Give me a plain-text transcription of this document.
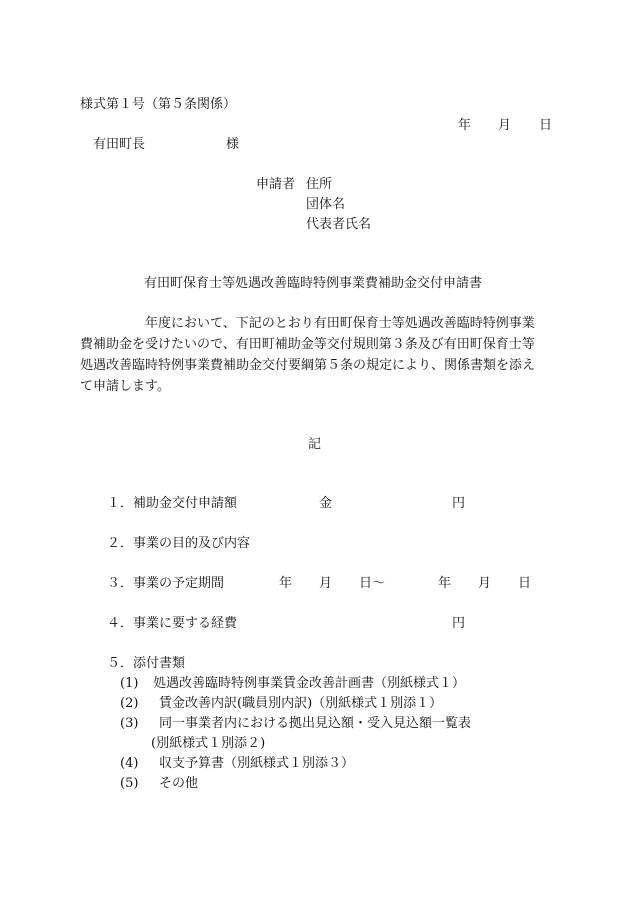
様式第１号（第５条関係）
年 月 日
有田町長	様
申請者 住所
団体名
代表者氏名
有田町保育士等処遇改善臨時特例事業費補助金交付申請書
　　　　　年度において、下記のとおり有田町保育士等処遇改善臨時特例事業
費補助金を受けたいので、有田町補助金等交付規則第３条及び有田町保育士等
処遇改善臨時特例事業費補助金交付要綱第５条の規定により、関係書類を添え
て申請します。
記
１． 補助金交付申請額	金	円
２． 事業の目的及び内容
３． 事業の予定期間	年 月 日～	年 月 日
４． 事業に要する経費	円
５． 添付書類
(1) 処遇改善臨時特例事業賃金改善計画書（別紙様式１）
(2) 賃金改善内訳(職員別内訳)（別紙様式１別添１）
(3) 同一事業者内における拠出見込額・受入見込額一覧表
(別紙様式１別添２)
(4) 収支予算書（別紙様式１別添３）
(5) その他
